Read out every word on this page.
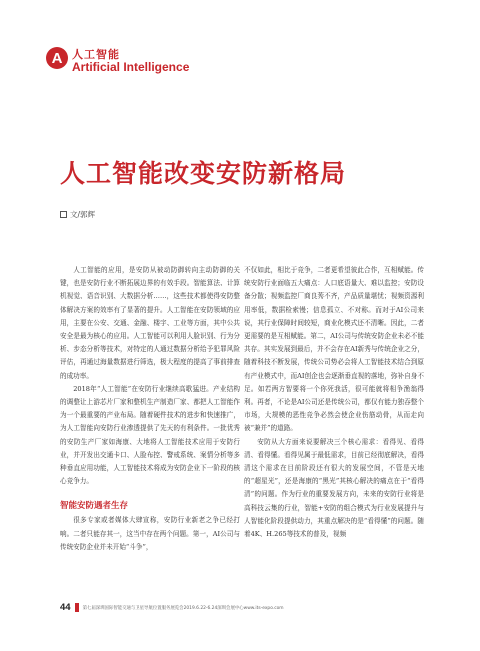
A 人工智能
Artificial Intelligence
人工智能改变安防新格局
文/郭辉

人工智能的应用，是安防从被动防御转向主动防御的关键，也是安防行业不断拓展边界的有效手段。智能算法、计算机视觉、语音识别、大数据分析……，这些技术都使得安防整体解决方案的效率有了显著的提升。人工智能在安防领域的应用，主要在公安、交通、金融、楼宇、工业等方面，其中公共安全是最为核心的应用。人工智能可以利用人脸识别、行为分析、步态分析等技术，对特定的人通过数据分析给予犯罪风险评估，再通过海量数据进行筛选，极大程度的提高了事前排查的成功率。

2018年“人工智能”在安防行业继续高歌猛进。产业结构的调整让上游芯片厂家和整机生产制造厂家、都把人工智能作为一个最重要的产业布局。随着硬件技术的进步和快速推广，为人工智能向安防行业渗透提供了先天的有利条件。一批优秀的安防生产厂家如海康、大地将人工智能技术应用于安防行业，并开发出交通卡口、人脸布控、警戒系统、案情分析等多种垂直应用功能，人工智能技术将成为安防企业下一阶段的核心竞争力。

智能安防遇者生存

很多专家或者媒体大肆宣称，安防行业新老之争已经打响。二者只能存其一，这当中存在两个问题。第一，AI公司与传统安防企业并未开始“斗争”，

不仅如此，相比于竞争，二者更希望彼此合作，互相赋能。传统安防行业面临五大痛点：人口底语量大、难以监控；安防设备分散；视频监控厂商良莠不齐，产品质量堪忧；视频资源利用率低，数据检索慢；信息孤立、不对称。而对于AI公司来说，其行业保障时间较短，商业化模式还不清晰。因此，二者更需要的是互相赋能。第二，AI公司与传统安防企业未必不能共存。其实发展到最后，并不会存在AI新秀与传统企业之分，随着科技不断发展，传统公司势必会将人工智能技术结合到原有产业模式中，而AI创企也会逐渐垂直视的落地，弥补自身不足。如若两方智要将一个你死我活，很可能就将相争渔翁得利。再者，不论是AI公司还是传统公司，都仅有能力独吞整个市场，大规模的恶性竞争必然会使企业伤筋动骨，从而走向被“兼并”的道路。

安防从大方面来说要解决三个核心需求：看得见、看得清、看得懂。看得见属于最低需求，目前已经彻底解决，看得清这个需求在目前阶段还有很大的发展空间，不管是天地的“超星光”，还是海康的“黑光”其核心解决的痛点在于“看得清”的问题。作为行业的重要发展方向，未来的安防行业将是高科技云集的行业，智能+安防的组合模式为行业发展提升与人智能化阶段提供动力，其重点解决的是“看得懂”的问题。随着4K、H.265等技术的普及，视频

44	第七届深圳国际智能交通与卫星导航位置服务展览会2019.6.22-6.24深圳会展中心www.its-expo.com
